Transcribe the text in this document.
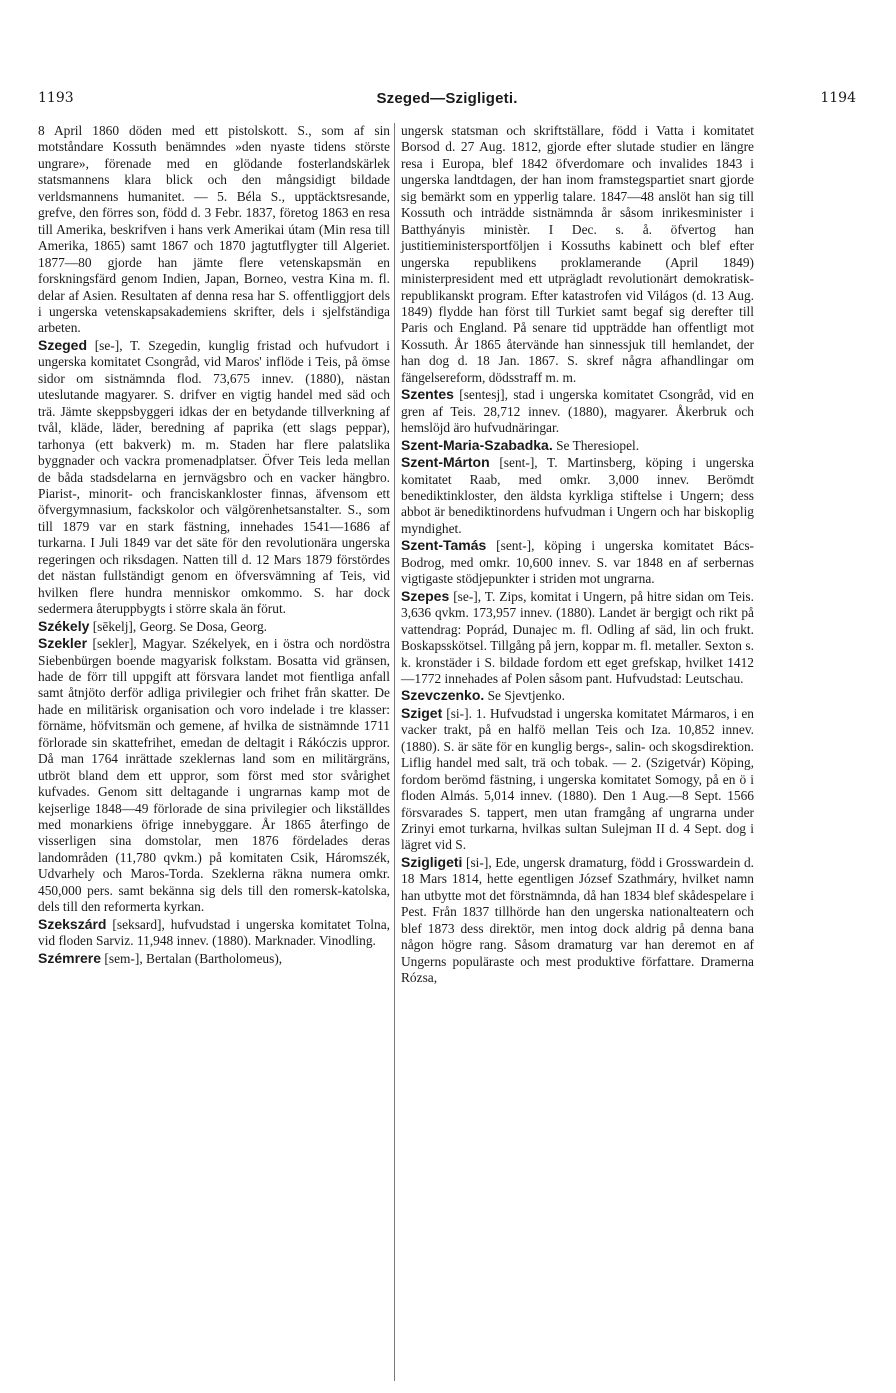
1193	Szeged—Szigligeti.	1194

8 April 1860 döden med ett pistolskott. S., som af sin motståndare Kossuth benämndes »den nyaste tidens störste ungrare», förenade med en glödande fosterlandskärlek statsmannens klara blick och den mångsidigt bildade verldsmannens humanitet. — 5. Béla S., upptäcktsresande, grefve, den förres son, född d. 3 Febr. 1837, företog 1863 en resa till Amerika, beskrifven i hans verk Amerikai útam (Min resa till Amerika, 1865) samt 1867 och 1870 jagtutflygter till Algeriet. 1877—80 gjorde han jämte flere vetenskapsmän en forskningsfärd genom Indien, Japan, Borneo, vestra Kina m. fl. delar af Asien. Resultaten af denna resa har S. offentliggjort dels i ungerska vetenskapsakademiens skrifter, dels i sjelfständiga arbeten.

Szeged [se-], T. Szegedin, kunglig fristad och hufvudort i ungerska komitatet Csongråd, vid Maros' inflöde i Teis, på ömse sidor om sistnämnda flod. 73,675 innev. (1880), nästan uteslutande magyarer. S. drifver en vigtig handel med säd och trä. Jämte skeppsbyggeri idkas der en betydande tillverkning af tvål, kläde, läder, beredning af paprika (ett slags peppar), tarhonya (ett bakverk) m. m. Staden har flere palatslika byggnader och vackra promenadplatser. Öfver Teis leda mellan de båda stadsdelarna en jernvägsbro och en vacker hängbro. Piarist-, minorit- och franciskankloster finnas, äfvensom ett öfvergymnasium, fackskolor och välgörenhetsanstalter. S., som till 1879 var en stark fästning, innehades 1541—1686 af turkarna. I Juli 1849 var det säte för den revolutionära ungerska regeringen och riksdagen. Natten till d. 12 Mars 1879 förstördes det nästan fullständigt genom en öfversvämning af Teis, vid hvilken flere hundra menniskor omkommo. S. har dock sedermera återuppbygts i större skala än förut.

Székely [sēkelj], Georg. Se Dosa, Georg.

Szekler [sekler], Magyar. Székelyek, en i östra och nordöstra Siebenbürgen boende magyarisk folkstam. Bosatta vid gränsen, hade de förr till uppgift att försvara landet mot fientliga anfall samt åtnjöto derför adliga privilegier och frihet från skatter. De hade en militärisk organisation och voro indelade i tre klasser: förnäme, höfvitsmän och gemene, af hvilka de sistnämnde 1711 förlorade sin skattefrihet, emedan de deltagit i Rákóczis uppror. Då man 1764 inrättade szeklernas land som en militärgräns, utbröt bland dem ett uppror, som först med stor svårighet kufvades. Genom sitt deltagande i ungrarnas kamp mot de kejserlige 1848—49 förlorade de sina privilegier och likställdes med monarkiens öfrige innebyggare. År 1865 återfingo de visserligen sina domstolar, men 1876 fördelades deras landområden (11,780 qvkm.) på komitaten Csik, Háromszék, Udvarhely och Maros-Torda. Szeklerna räkna numera omkr. 450,000 pers. samt bekänna sig dels till den romersk-katolska, dels till den reformerta kyrkan.

Szekszárd [seksard], hufvudstad i ungerska komitatet Tolna, vid floden Sarviz. 11,948 innev. (1880). Marknader. Vinodling.

Szémrere [sem-], Bertalan (Bartholomeus),

ungersk statsman och skriftställare, född i Vatta i komitatet Borsod d. 27 Aug. 1812, gjorde efter slutade studier en längre resa i Europa, blef 1842 öfverdomare och invalides 1843 i ungerska landtdagen, der han inom framstegspartiet snart gjorde sig bemärkt som en ypperlig talare. 1847—48 anslöt han sig till Kossuth och inträdde sistnämnda år såsom inrikesminister i Batthyányis ministèr. I Dec. s. å. öfvertog han justitieministersportföljen i Kossuths kabinett och blef efter ungerska republikens proklamerande (April 1849) ministerpresident med ett utprägladt revolutionärt demokratisk-republikanskt program. Efter katastrofen vid Világos (d. 13 Aug. 1849) flydde han först till Turkiet samt begaf sig derefter till Paris och England. På senare tid uppträdde han offentligt mot Kossuth. År 1865 återvände han sinnessjuk till hemlandet, der han dog d. 18 Jan. 1867. S. skref några afhandlingar om fängelsereform, dödsstraff m. m.

Szentes [sentesj], stad i ungerska komitatet Csongråd, vid en gren af Teis. 28,712 innev. (1880), magyarer. Åkerbruk och hemslöjd äro hufvudnäringar.

Szent-Maria-Szabadka. Se Theresiopel.

Szent-Márton [sent-], T. Martinsberg, köping i ungerska komitatet Raab, med omkr. 3,000 innev. Berömdt benediktinkloster, den äldsta kyrkliga stiftelse i Ungern; dess abbot är benediktinordens hufvudman i Ungern och har biskoplig myndighet.

Szent-Tamás [sent-], köping i ungerska komitatet Bács-Bodrog, med omkr. 10,600 innev. S. var 1848 en af serbernas vigtigaste stödjepunkter i striden mot ungrarna.

Szepes [se-], T. Zips, komitat i Ungern, på hitre sidan om Teis. 3,636 qvkm. 173,957 innev. (1880). Landet är bergigt och rikt på vattendrag: Poprád, Dunajec m. fl. Odling af säd, lin och frukt. Boskapsskötsel. Tillgång på jern, koppar m. fl. metaller. Sexton s. k. kronstäder i S. bildade fordom ett eget grefskap, hvilket 1412—1772 innehades af Polen såsom pant. Hufvudstad: Leutschau.

Szevczenko. Se Sjevtjenko.

Sziget [si-]. 1. Hufvudstad i ungerska komitatet Mármaros, i en vacker trakt, på en halfö mellan Teis och Iza. 10,852 innev. (1880). S. är säte för en kunglig bergs-, salin- och skogsdirektion. Liflig handel med salt, trä och tobak. — 2. (Szigetvár) Köping, fordom berömd fästning, i ungerska komitatet Somogy, på en ö i floden Almás. 5,014 innev. (1880). Den 1 Aug.—8 Sept. 1566 försvarades S. tappert, men utan framgång af ungrarna under Zrinyi emot turkarna, hvilkas sultan Sulejman II d. 4 Sept. dog i lägret vid S.

Szigligeti [si-], Ede, ungersk dramaturg, född i Grosswardein d. 18 Mars 1814, hette egentligen József Szathmáry, hvilket namn han utbytte mot det förstnämnda, då han 1834 blef skådespelare i Pest. Från 1837 tillhörde han den ungerska nationalteatern och blef 1873 dess direktör, men intog dock aldrig på denna bana någon högre rang. Såsom dramaturg var han deremot en af Ungerns populäraste och mest produktive författare. Dramerna Rózsa,
